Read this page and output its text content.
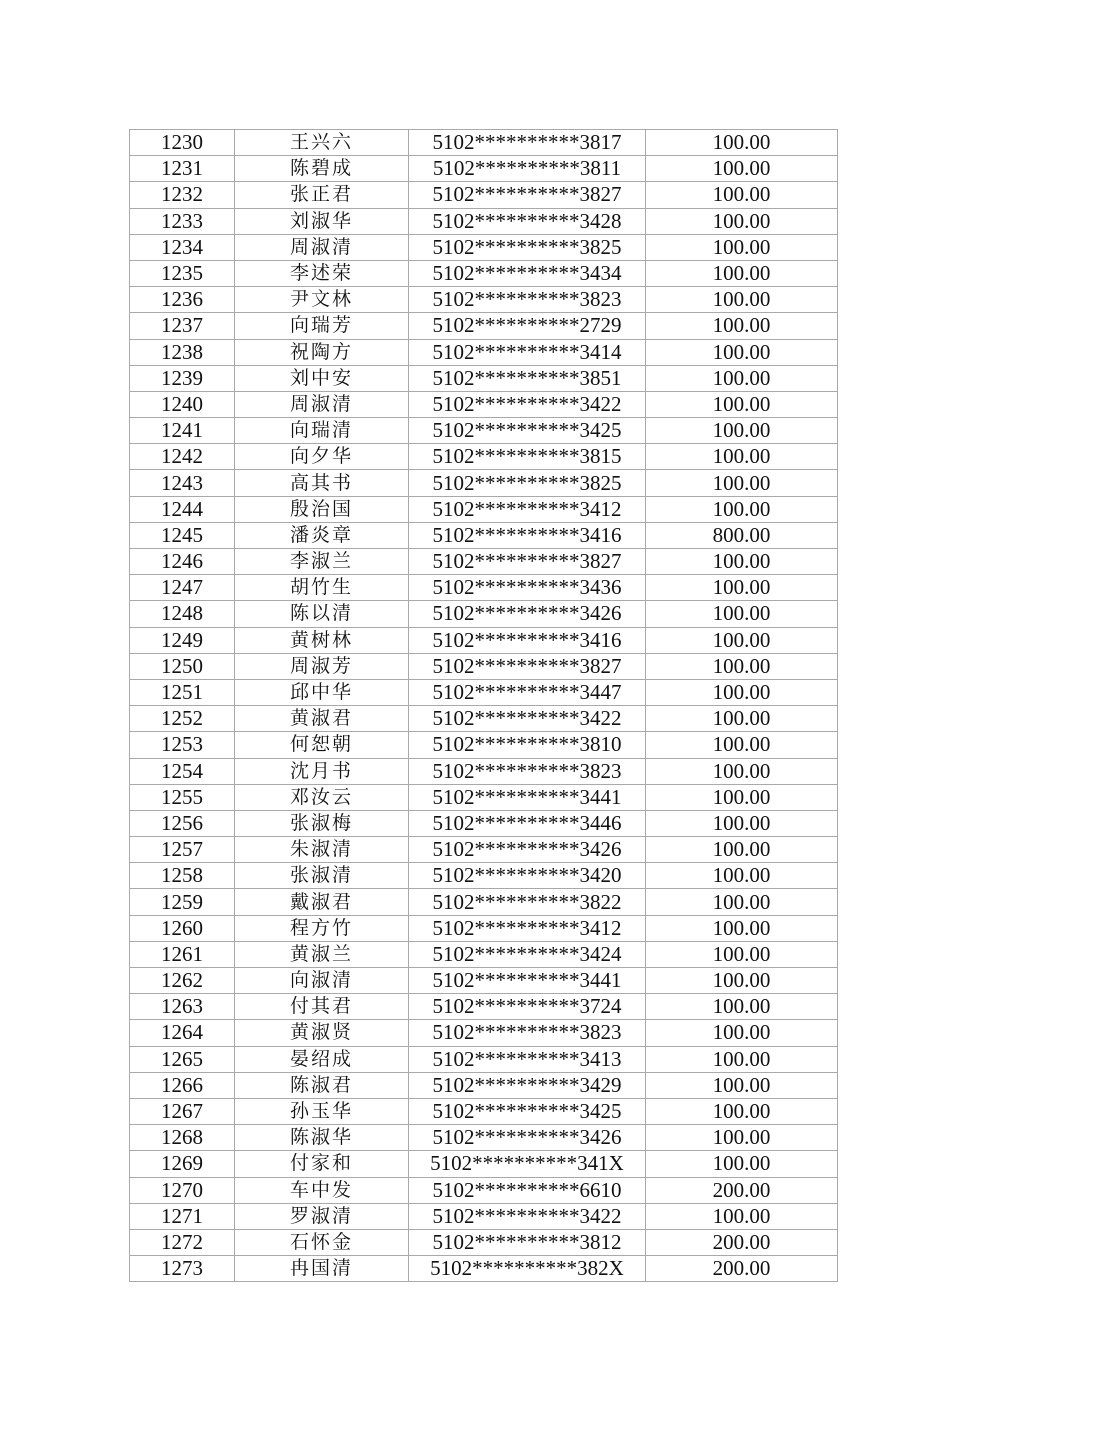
1230	王兴六	5102**********3817	100.00
1231	陈碧成	5102**********3811	100.00
1232	张正君	5102**********3827	100.00
1233	刘淑华	5102**********3428	100.00
1234	周淑清	5102**********3825	100.00
1235	李述荣	5102**********3434	100.00
1236	尹文林	5102**********3823	100.00
1237	向瑞芳	5102**********2729	100.00
1238	祝陶方	5102**********3414	100.00
1239	刘中安	5102**********3851	100.00
1240	周淑清	5102**********3422	100.00
1241	向瑞清	5102**********3425	100.00
1242	向夕华	5102**********3815	100.00
1243	高其书	5102**********3825	100.00
1244	殷治国	5102**********3412	100.00
1245	潘炎章	5102**********3416	800.00
1246	李淑兰	5102**********3827	100.00
1247	胡竹生	5102**********3436	100.00
1248	陈以清	5102**********3426	100.00
1249	黄树林	5102**********3416	100.00
1250	周淑芳	5102**********3827	100.00
1251	邱中华	5102**********3447	100.00
1252	黄淑君	5102**********3422	100.00
1253	何恕朝	5102**********3810	100.00
1254	沈月书	5102**********3823	100.00
1255	邓汝云	5102**********3441	100.00
1256	张淑梅	5102**********3446	100.00
1257	朱淑清	5102**********3426	100.00
1258	张淑清	5102**********3420	100.00
1259	戴淑君	5102**********3822	100.00
1260	程方竹	5102**********3412	100.00
1261	黄淑兰	5102**********3424	100.00
1262	向淑清	5102**********3441	100.00
1263	付其君	5102**********3724	100.00
1264	黄淑贤	5102**********3823	100.00
1265	晏绍成	5102**********3413	100.00
1266	陈淑君	5102**********3429	100.00
1267	孙玉华	5102**********3425	100.00
1268	陈淑华	5102**********3426	100.00
1269	付家和	5102**********341X	100.00
1270	车中发	5102**********6610	200.00
1271	罗淑清	5102**********3422	100.00
1272	石怀金	5102**********3812	200.00
1273	冉国清	5102**********382X	200.00
